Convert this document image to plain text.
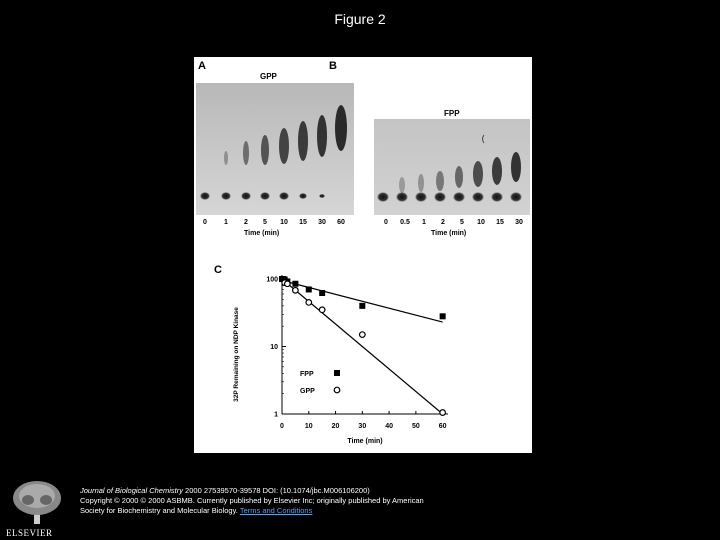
Figure 2
A
GPP
0 1 2 5 10 15 30 60
Time (min)
B
FPP
0 0.5 1 2 5 10 15 30
Time (min)
C
1
10
100
0	10	20	30	40	50	60
Time (min)
32P Remaining on NDP Kinase	FPP
GPP
ELSEVIER
Journal of Biological Chemistry 2000 27539570-39578 DOI: (10.1074/jbc.M006106200)
Copyright © 2000 © 2000 ASBMB. Currently published by Elsevier Inc; originally published by American
Society for Biochemistry and Molecular Biology. Terms and Conditions
